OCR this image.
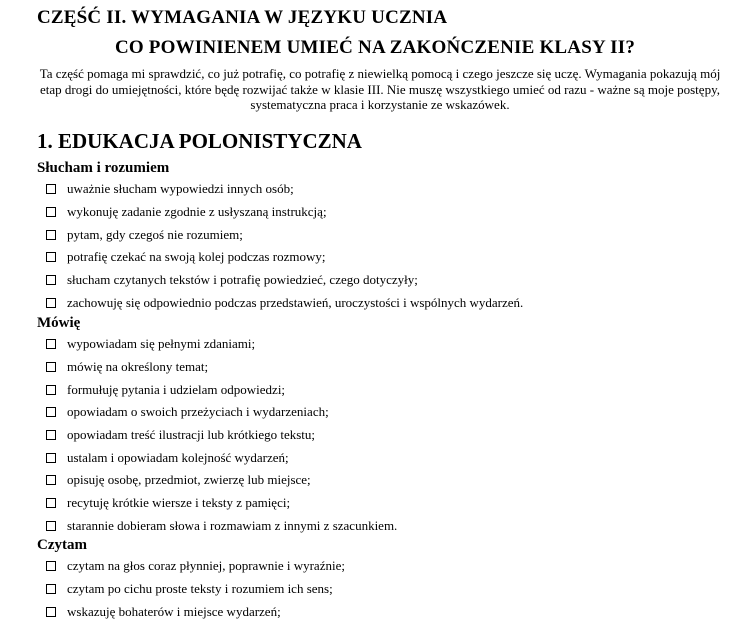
CZĘŚĆ II. WYMAGANIA W JĘZYKU UCZNIA
CO POWINIENEM UMIEĆ NA ZAKOŃCZENIE KLASY II?
Ta część pomaga mi sprawdzić, co już potrafię, co potrafię z niewielką pomocą i czego jeszcze się uczę. Wymagania pokazują mój etap drogi do umiejętności, które będę rozwijać także w klasie III. Nie muszę wszystkiego umieć od razu - ważne są moje postępy, systematyczna praca i korzystanie ze wskazówek.
1. EDUKACJA POLONISTYCZNA
Słucham i rozumiem
uważnie słucham wypowiedzi innych osób;
wykonuję zadanie zgodnie z usłyszaną instrukcją;
pytam, gdy czegoś nie rozumiem;
potrafię czekać na swoją kolej podczas rozmowy;
słucham czytanych tekstów i potrafię powiedzieć, czego dotyczyły;
zachowuję się odpowiednio podczas przedstawień, uroczystości i wspólnych wydarzeń.
Mówię
wypowiadam się pełnymi zdaniami;
mówię na określony temat;
formułuję pytania i udzielam odpowiedzi;
opowiadam o swoich przeżyciach i wydarzeniach;
opowiadam treść ilustracji lub krótkiego tekstu;
ustalam i opowiadam kolejność wydarzeń;
opisuję osobę, przedmiot, zwierzę lub miejsce;
recytuję krótkie wiersze i teksty z pamięci;
starannie dobieram słowa i rozmawiam z innymi z szacunkiem.
Czytam
czytam na głos coraz płynniej, poprawnie i wyraźnie;
czytam po cichu proste teksty i rozumiem ich sens;
wskazuję bohaterów i miejsce wydarzeń;
